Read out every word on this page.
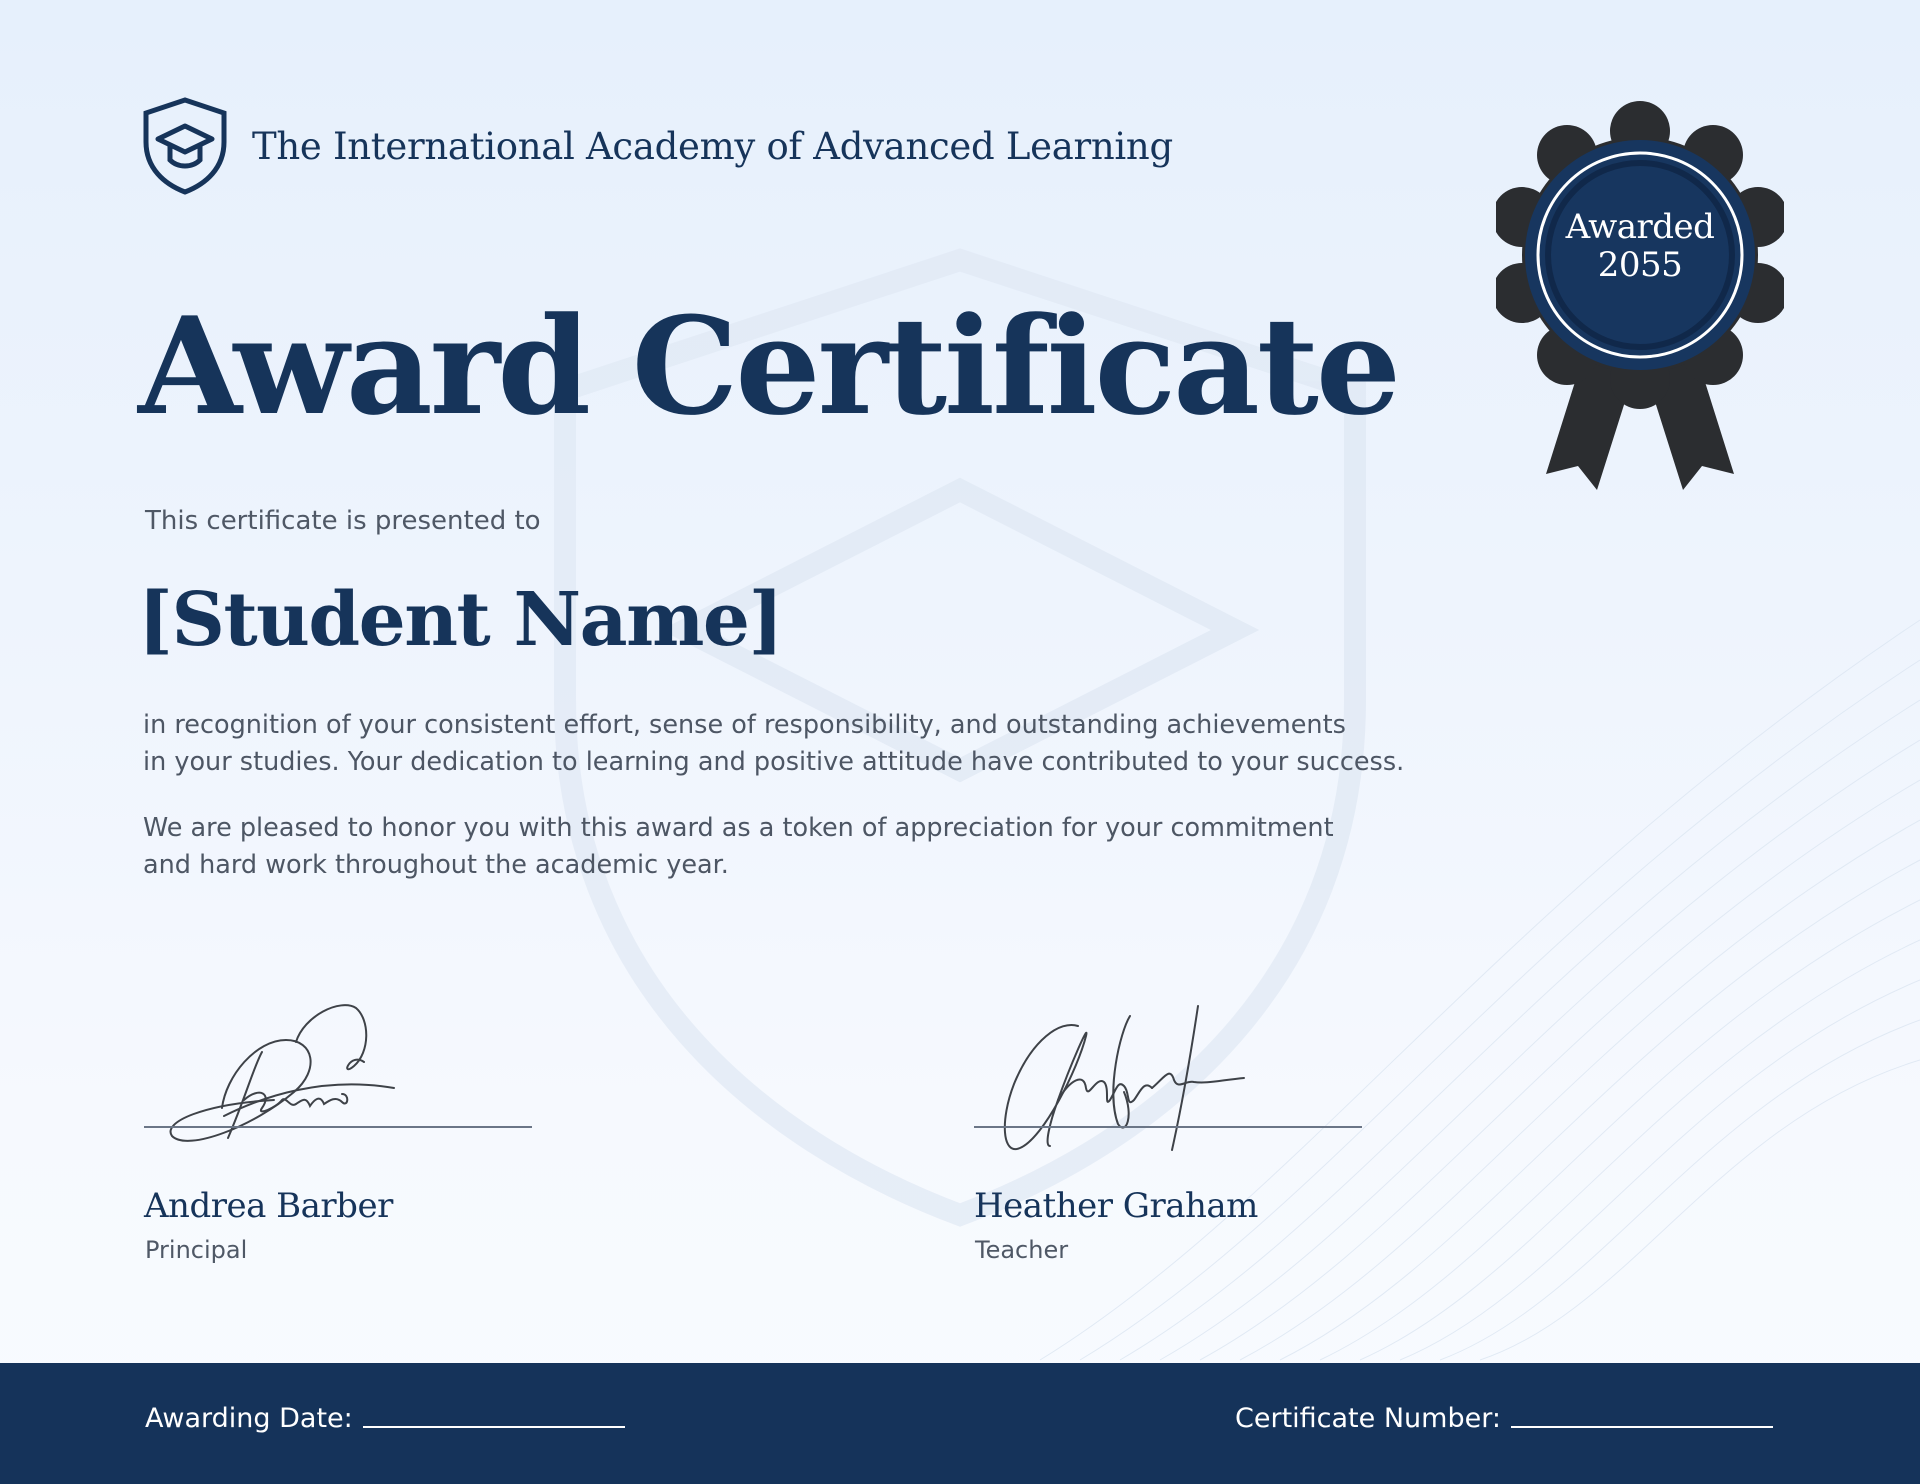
The International Academy of Advanced Learning
Awarded
2055
Award Certificate
This certificate is presented to
[Student Name]
in recognition of your consistent effort, sense of responsibility, and outstanding achievements
in your studies. Your dedication to learning and positive attitude have contributed to your success.
We are pleased to honor you with this award as a token of appreciation for your commitment
and hard work throughout the academic year.
Andrea Barber
Principal
Heather Graham
Teacher
Awarding Date:	Certificate Number:
